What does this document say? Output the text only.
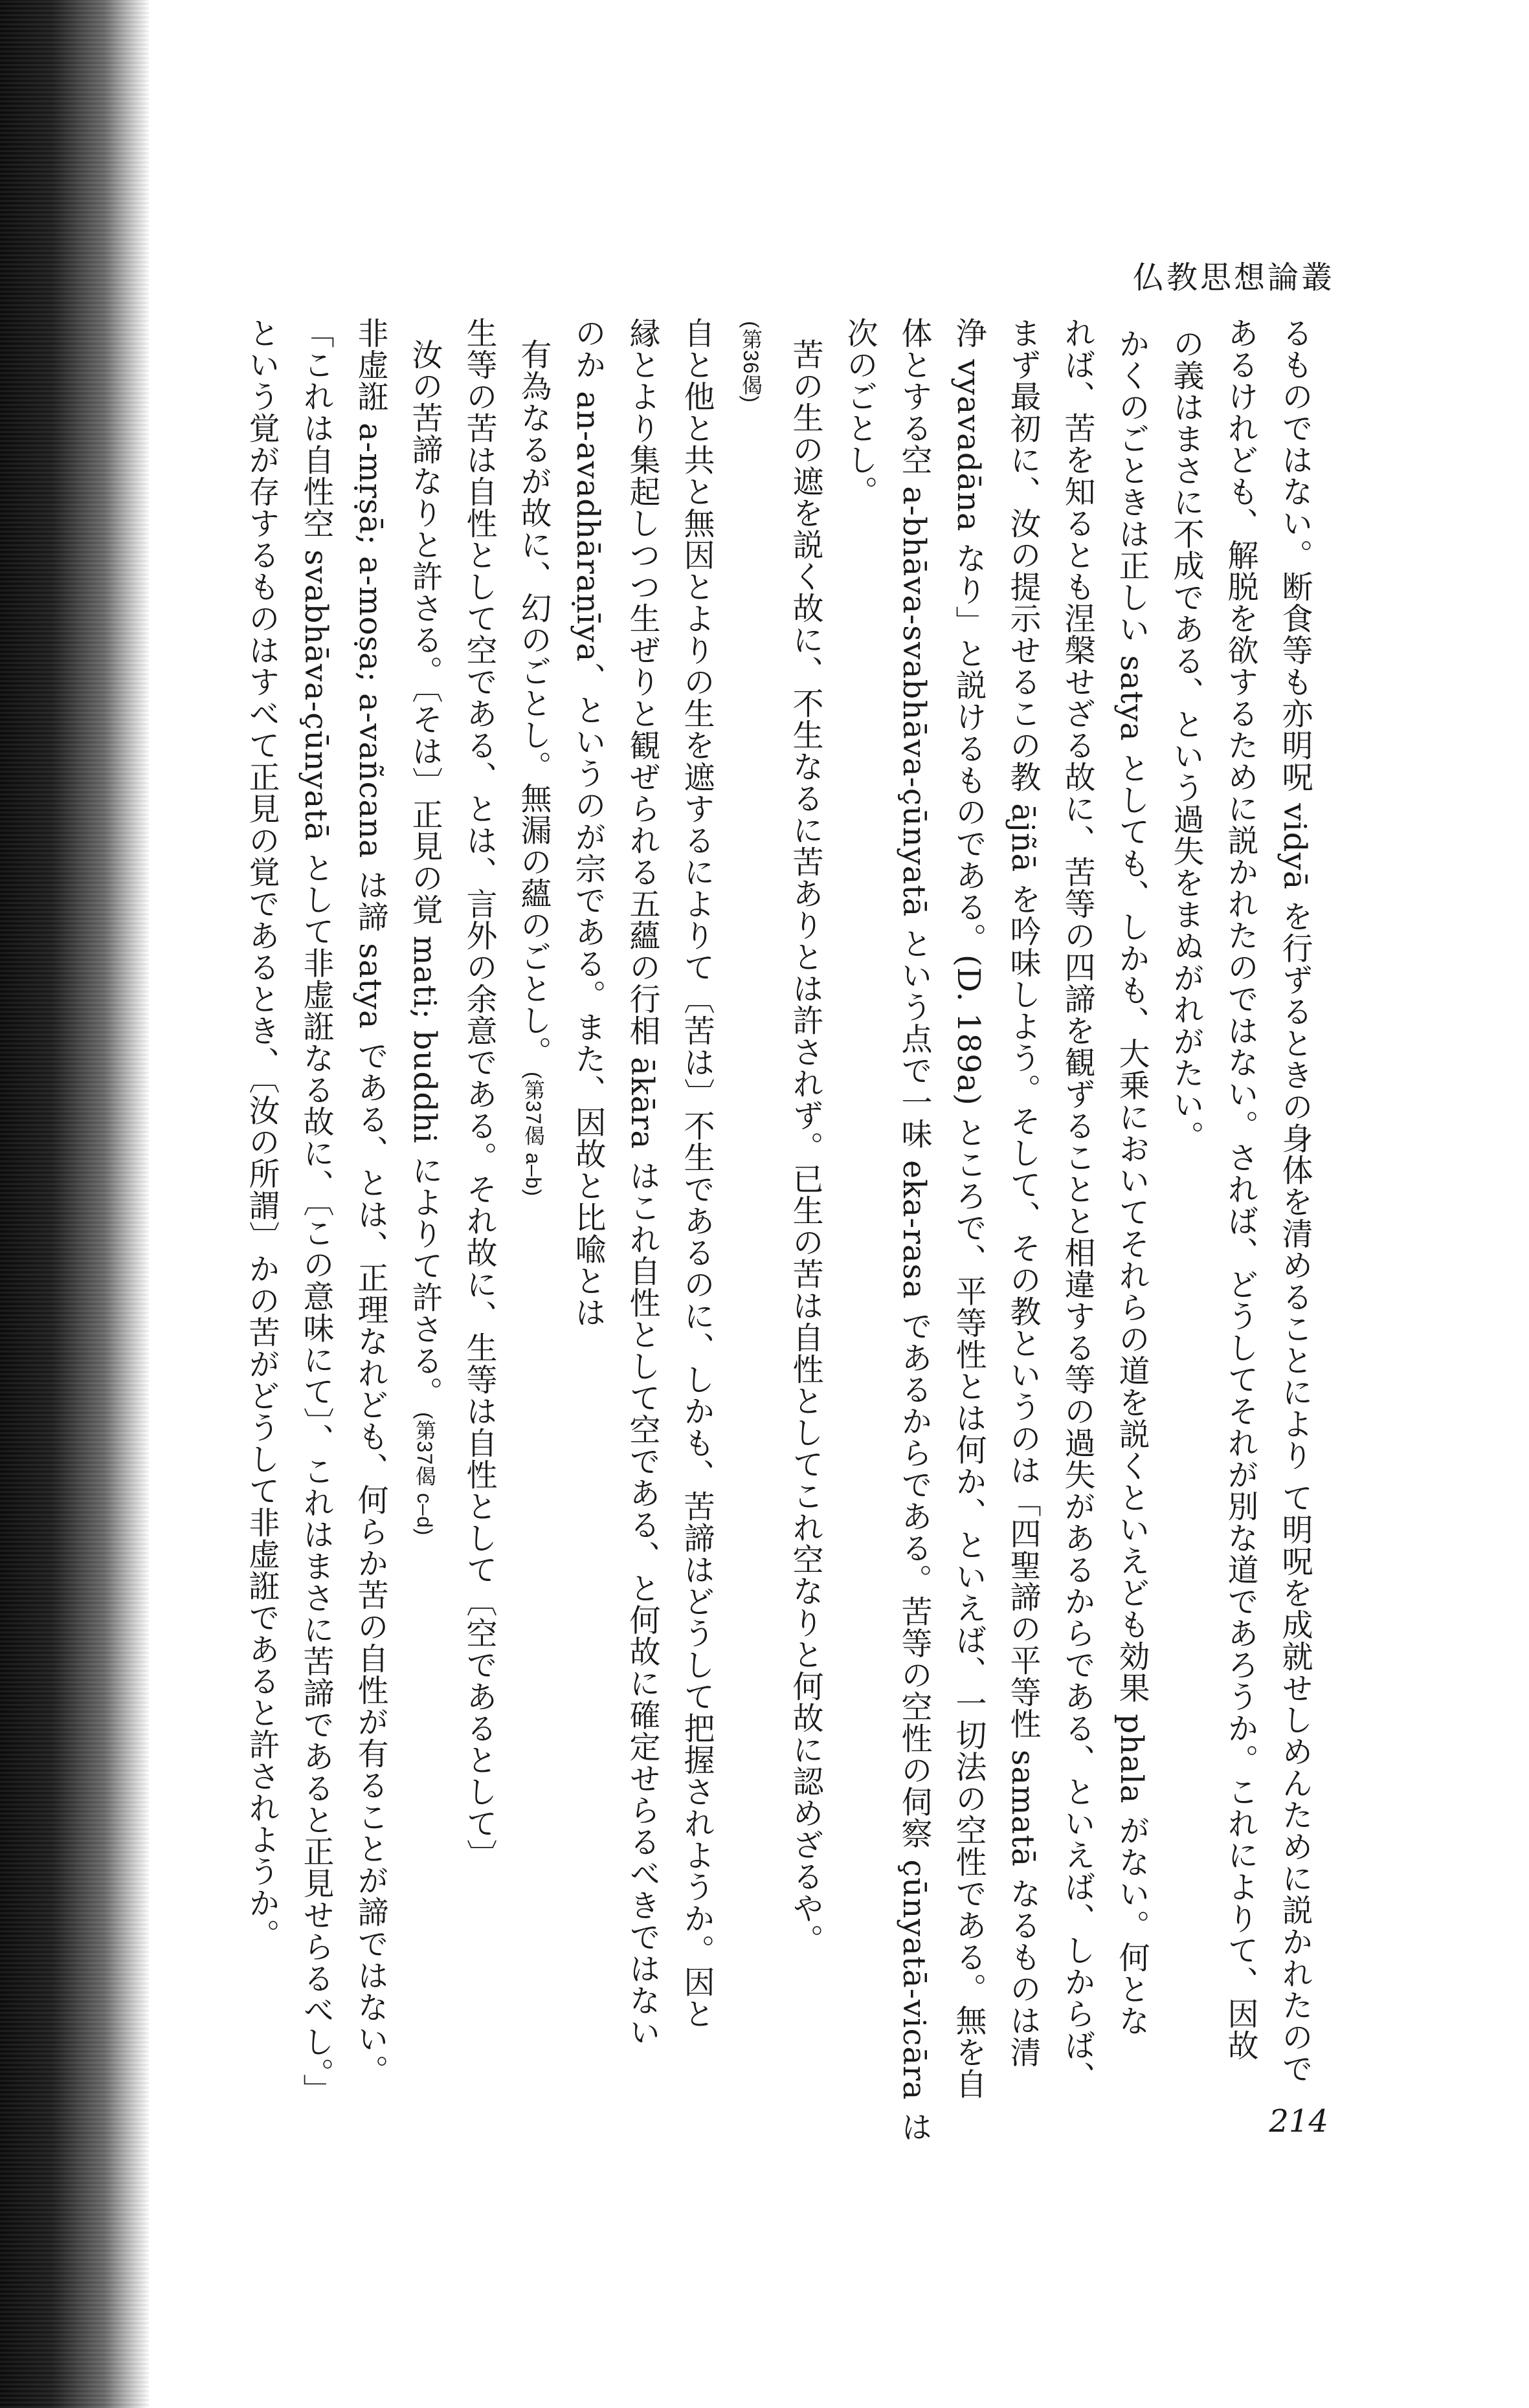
仏教思想論叢

るものではない。断食等も亦明呪 vidyā を行ずるときの身体を清めることにより て明呪を成就せしめんために説かれたので

あるけれども、解脱を欲するために説かれたのではない。されば、どうしてそれが別な道であろうか。これによりて、因故

の義はまさに不成である、という過失をまぬがれがたい。

かくのごときは正しい satya としても、しかも、大乗においてそれらの道を説くといえども効果 phala がない。何とな

れば、苦を知るとも涅槃せざる故に、苦等の四諦を観ずることと相違する等の過失があるからである、といえば、しからば、

まず最初に、汝の提示せるこの教 ājñā を吟味しよう。そして、その教というのは「四聖諦の平等性 samatā なるものは清

浄 vyavadāna なり」と説けるものである。(D. 189a) ところで、平等性とは何か、といえば、一切法の空性である。無を自

体とする空 a-bhāva-svabhāva-çūnyatā という点で一味 eka-rasa であるからである。苦等の空性の伺察 çūnyatā-vicāra は

次のごとし。

苦の生の遮を説く故に、不生なるに苦ありとは許されず。已生の苦は自性としてこれ空なりと何故に認めざるや。

(第36偈)

自と他と共と無因とよりの生を遮するによりて〔苦は〕不生であるのに、しかも、苦諦はどうして把握されようか。因と

縁とより集起しつつ生ぜりと観ぜられる五蘊の行相 ākāra はこれ自性として空である、と何故に確定せらるべきではない

のか an-avadhāraṇīya、というのが宗である。また、因故と比喩とは

有為なるが故に、幻のごとし。無漏の蘊のごとし。(第37偈 a–b)

生等の苦は自性として空である、とは、言外の余意である。それ故に、生等は自性として〔空であるとして〕

汝の苦諦なりと許さる。〔そは〕正見の覚 mati; buddhi によりて許さる。(第37偈 c–d)

非虚誑 a-mṛṣā; a-moṣa; a-vañcana は諦 satya である、とは、正理なれども、何らか苦の自性が有ることが諦ではない。

「これは自性空 svabhāva-çūnyatā として非虚誑なる故に、〔この意味にて〕、これはまさに苦諦であると正見せらるべし。」

という覚が存するものはすべて正見の覚であるとき、〔汝の所謂〕かの苦がどうして非虚誑であると許されようか。

214
